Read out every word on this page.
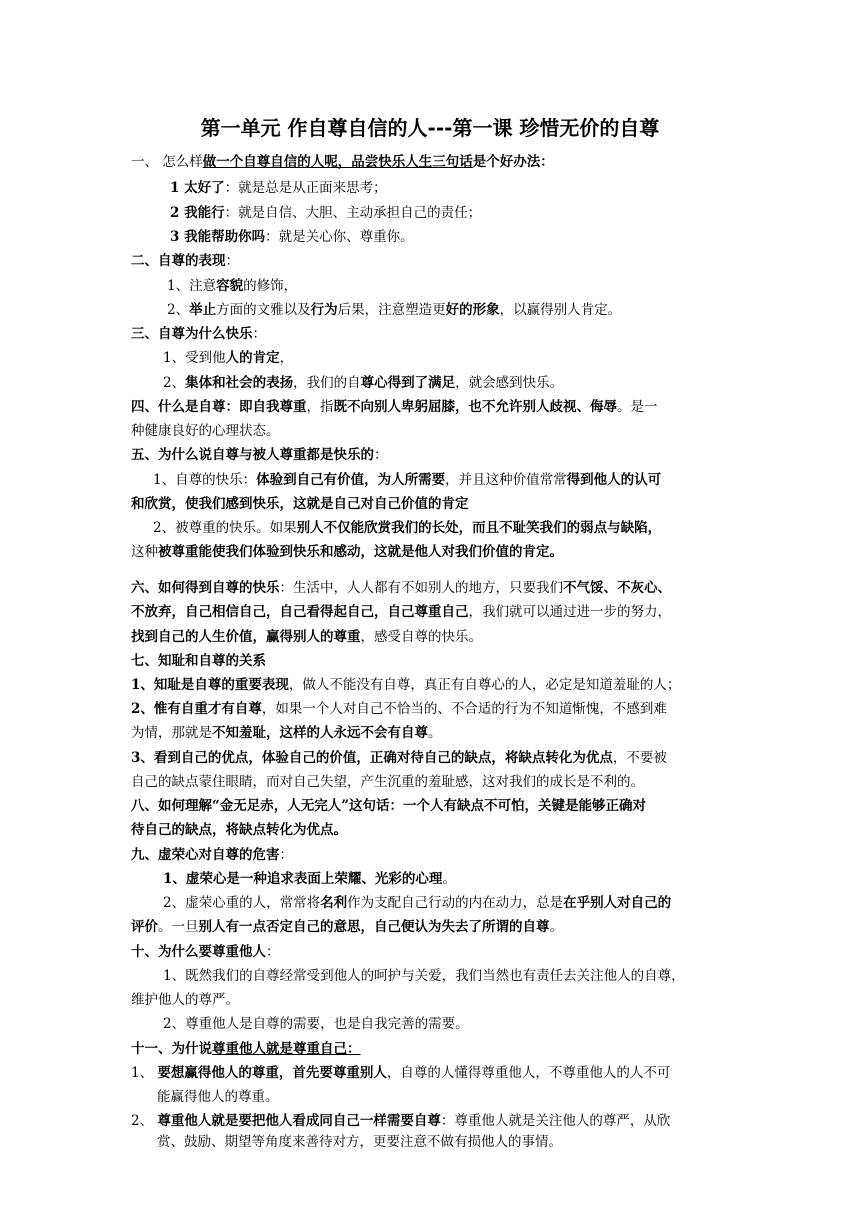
第一单元 作自尊自信的人---第一课 珍惜无价的自尊
一、 怎么样做一个自尊自信的人呢，品尝快乐人生三句话是个好办法：
1 太好了：就是总是从正面来思考；
2 我能行：就是自信、大胆、主动承担自己的责任；
3 我能帮助你吗：就是关心你、尊重你。
二、自尊的表现：
1、注意容貌的修饰，
2、举止方面的文雅以及行为后果，注意塑造更好的形象，以赢得别人肯定。
三、自尊为什么快乐：
1、受到他人的肯定，
2、集体和社会的表扬，我们的自尊心得到了满足，就会感到快乐。
四、什么是自尊：即自我尊重，指既不向别人卑躬屈膝，也不允许别人歧视、侮辱。是一
种健康良好的心理状态。
五、为什么说自尊与被人尊重都是快乐的：
1、自尊的快乐：体验到自己有价值，为人所需要，并且这种价值常常得到他人的认可
和欣赏，使我们感到快乐，这就是自己对自己价值的肯定
2、被尊重的快乐。如果别人不仅能欣赏我们的长处，而且不耻笑我们的弱点与缺陷，
这种被尊重能使我们体验到快乐和感动，这就是他人对我们价值的肯定。
六、如何得到自尊的快乐：生活中，人人都有不如别人的地方，只要我们不气馁、不灰心、
不放弃，自己相信自己，自己看得起自己，自己尊重自己，我们就可以通过进一步的努力，
找到自己的人生价值，赢得别人的尊重，感受自尊的快乐。
七、知耻和自尊的关系
1、知耻是自尊的重要表现，做人不能没有自尊，真正有自尊心的人，必定是知道羞耻的人；
2、惟有自重才有自尊，如果一个人对自己不恰当的、不合适的行为不知道惭愧，不感到难
为情，那就是不知羞耻，这样的人永远不会有自尊。
3、看到自己的优点，体验自己的价值，正确对待自己的缺点，将缺点转化为优点，不要被
自己的缺点蒙住眼睛，而对自己失望，产生沉重的羞耻感，这对我们的成长是不利的。
八、如何理解“金无足赤，人无完人”这句话：一个人有缺点不可怕，关键是能够正确对
待自己的缺点，将缺点转化为优点。
九、虚荣心对自尊的危害：
1、虚荣心是一种追求表面上荣耀、光彩的心理。
2、虚荣心重的人，常常将名利作为支配自己行动的内在动力，总是在乎别人对自己的
评价。一旦别人有一点否定自己的意思，自己便认为失去了所谓的自尊。
十、为什么要尊重他人：
1、既然我们的自尊经常受到他人的呵护与关爱，我们当然也有责任去关注他人的自尊，
维护他人的尊严。
2、尊重他人是自尊的需要，也是自我完善的需要。
十一、为什说尊重他人就是尊重自己：
1、 要想赢得他人的尊重，首先要尊重别人，自尊的人懂得尊重他人，不尊重他人的人不可
能赢得他人的尊重。
2、 尊重他人就是要把他人看成同自己一样需要自尊：尊重他人就是关注他人的尊严，从欣
赏、鼓励、期望等角度来善待对方，更要注意不做有损他人的事情。
